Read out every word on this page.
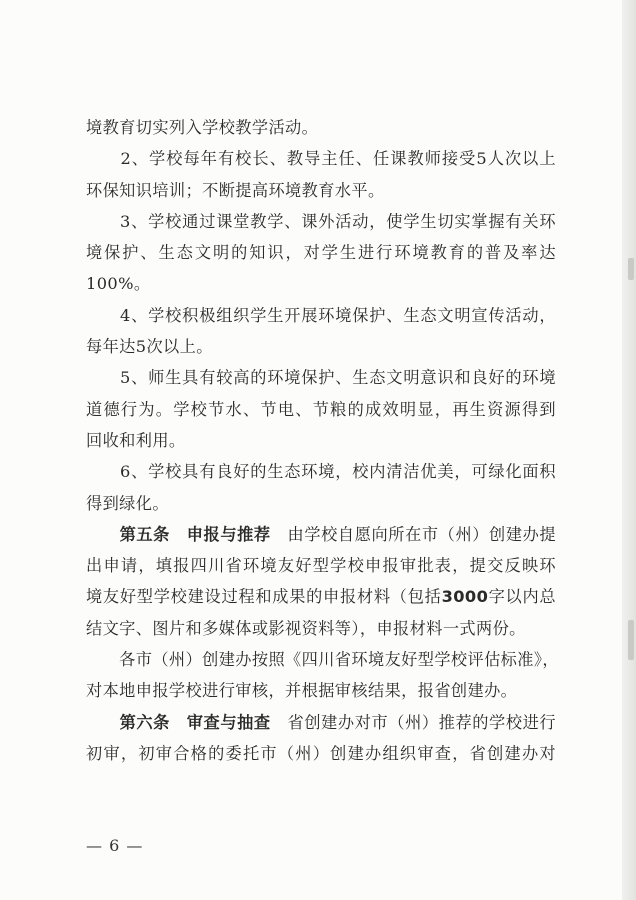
境教育切实列入学校教学活动。
　　2、学校每年有校长、教导主任、任课教师接受5人次以上
环保知识培训；不断提高环境教育水平。
　　3、学校通过课堂教学、课外活动，使学生切实掌握有关环
境保护、生态文明的知识，对学生进行环境教育的普及率达
100%。
　　4、学校积极组织学生开展环境保护、生态文明宣传活动，
每年达5次以上。
　　5、师生具有较高的环境保护、生态文明意识和良好的环境
道德行为。学校节水、节电、节粮的成效明显，再生资源得到
回收和利用。
　　6、学校具有良好的生态环境，校内清洁优美，可绿化面积
得到绿化。
　　第五条　申报与推荐　由学校自愿向所在市（州）创建办提
出申请，填报四川省环境友好型学校申报审批表，提交反映环
境友好型学校建设过程和成果的申报材料（包括3000字以内总
结文字、图片和多媒体或影视资料等），申报材料一式两份。
　　各市（州）创建办按照《四川省环境友好型学校评估标准》，
对本地申报学校进行审核，并根据审核结果，报省创建办。
　　第六条　审查与抽查　省创建办对市（州）推荐的学校进行
初审，初审合格的委托市（州）创建办组织审查，省创建办对
— 6 —
